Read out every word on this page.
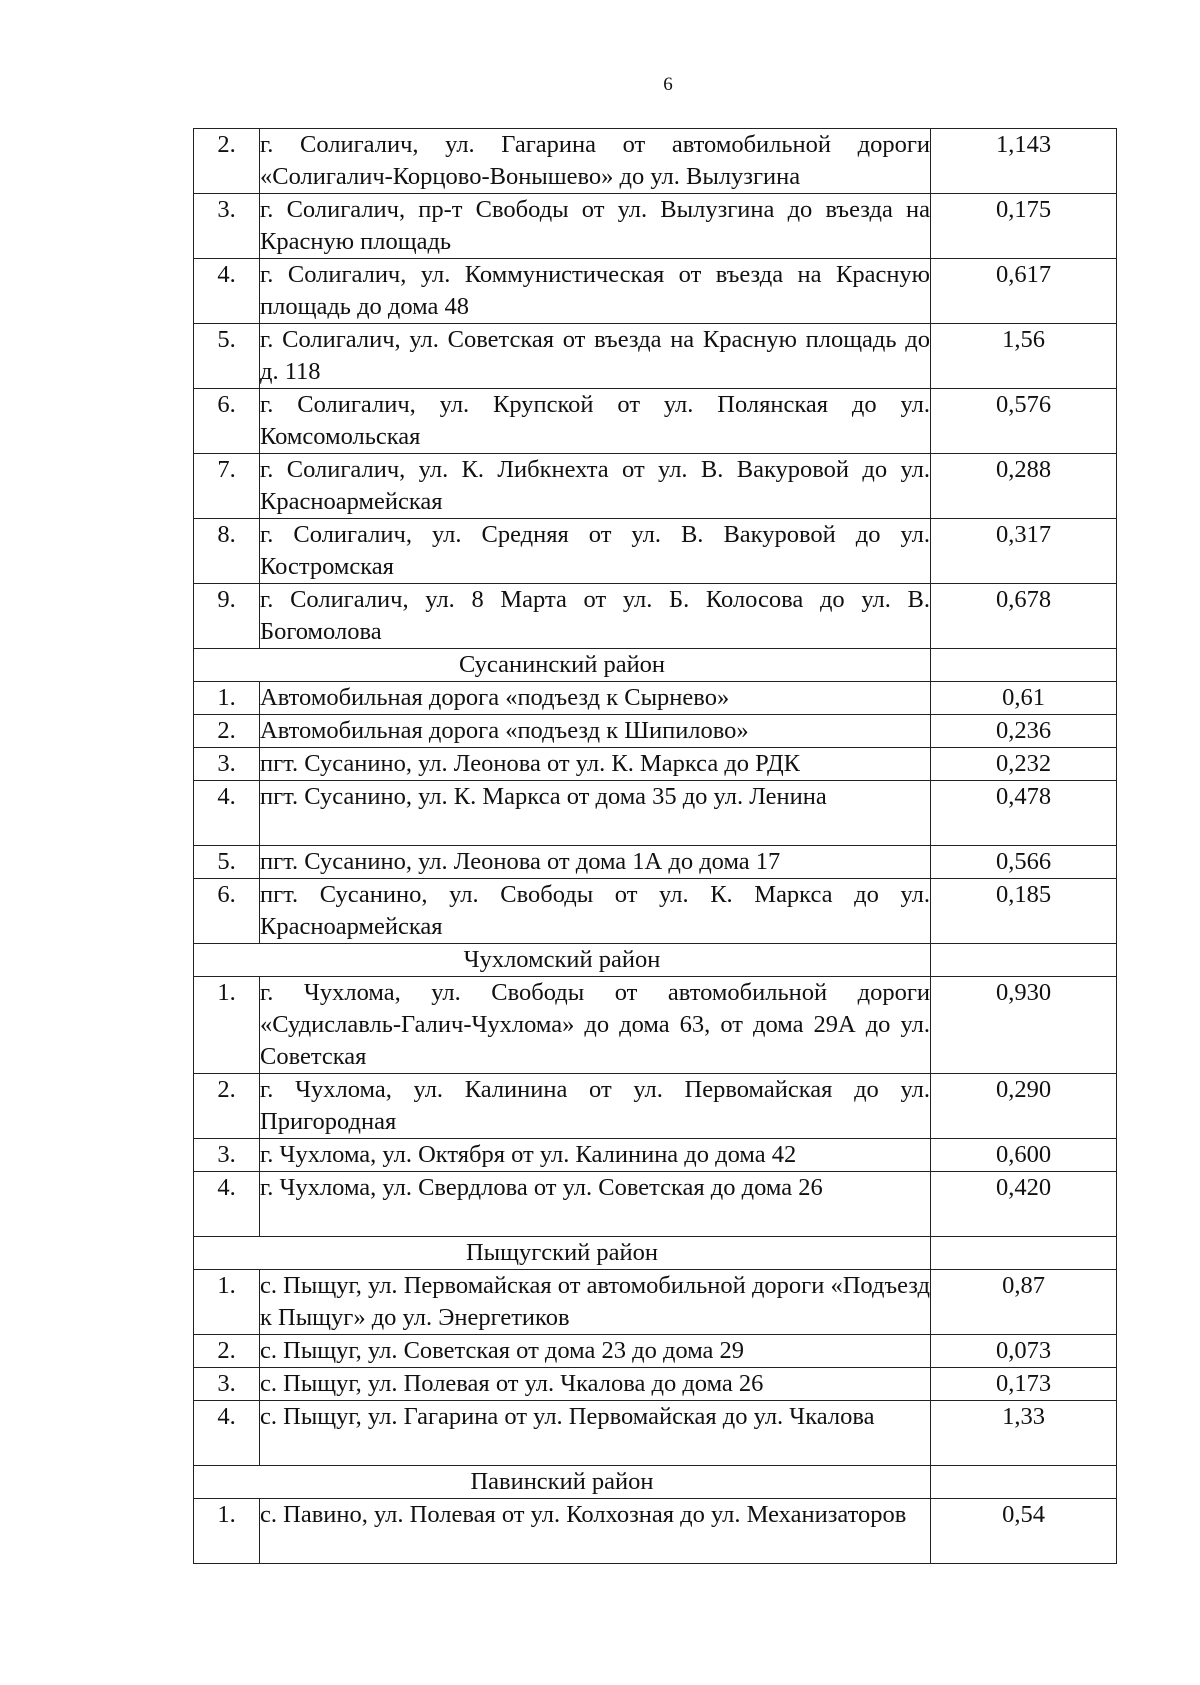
6
2.	г. Солигалич, ул. Гагарина от автомобильной дороги «Солигалич-Корцово-Вонышево» до ул. Вылузгина	1,143
3.	г. Солигалич, пр-т Свободы от ул. Вылузгина до въезда на Красную площадь	0,175
4.	г. Солигалич, ул. Коммунистическая от въезда на Красную площадь до дома 48	0,617
5.	г. Солигалич, ул. Советская от въезда на Красную площадь до д. 118	1,56
6.	г. Солигалич, ул. Крупской от ул. Полянская до ул. Комсомольская	0,576
7.	г. Солигалич, ул. К. Либкнехта от ул. В. Вакуровой до ул. Красноармейская	0,288
8.	г. Солигалич, ул. Средняя от ул. В. Вакуровой до ул. Костромская	0,317
9.	г. Солигалич, ул. 8 Марта от ул. Б. Колосова до ул. В. Богомолова	0,678
Сусанинский район		
1.	Автомобильная дорога «подъезд к Сырнево»	0,61
2.	Автомобильная дорога «подъезд к Шипилово»	0,236
3.	пгт. Сусанино, ул. Леонова от ул. К. Маркса до РДК	0,232
4.	пгт. Сусанино, ул. К. Маркса от дома 35 до ул. Ленина	0,478
5.	пгт. Сусанино, ул. Леонова от дома 1А до дома 17	0,566
6.	пгт. Сусанино, ул. Свободы от ул. К. Маркса до ул. Красноармейская	0,185
Чухломский район		
1.	г. Чухлома, ул. Свободы от автомобильной дороги «Судиславль-Галич-Чухлома» до дома 63, от дома 29А до ул. Советская	0,930
2.	г. Чухлома, ул. Калинина от ул. Первомайская до ул. Пригородная	0,290
3.	г. Чухлома, ул. Октября от ул. Калинина до дома 42	0,600
4.	г. Чухлома, ул. Свердлова от ул. Советская до дома 26	0,420
Пыщугский район		
1.	с. Пыщуг, ул. Первомайская от автомобильной дороги «Подъезд к Пыщуг» до ул. Энергетиков	0,87
2.	с. Пыщуг, ул. Советская от дома 23 до дома 29	0,073
3.	с. Пыщуг, ул. Полевая от ул. Чкалова до дома 26	0,173
4.	с. Пыщуг, ул. Гагарина от ул. Первомайская до ул. Чкалова	1,33
Павинский район		
1.	с. Павино, ул. Полевая от ул. Колхозная до ул. Механизаторов	0,54
